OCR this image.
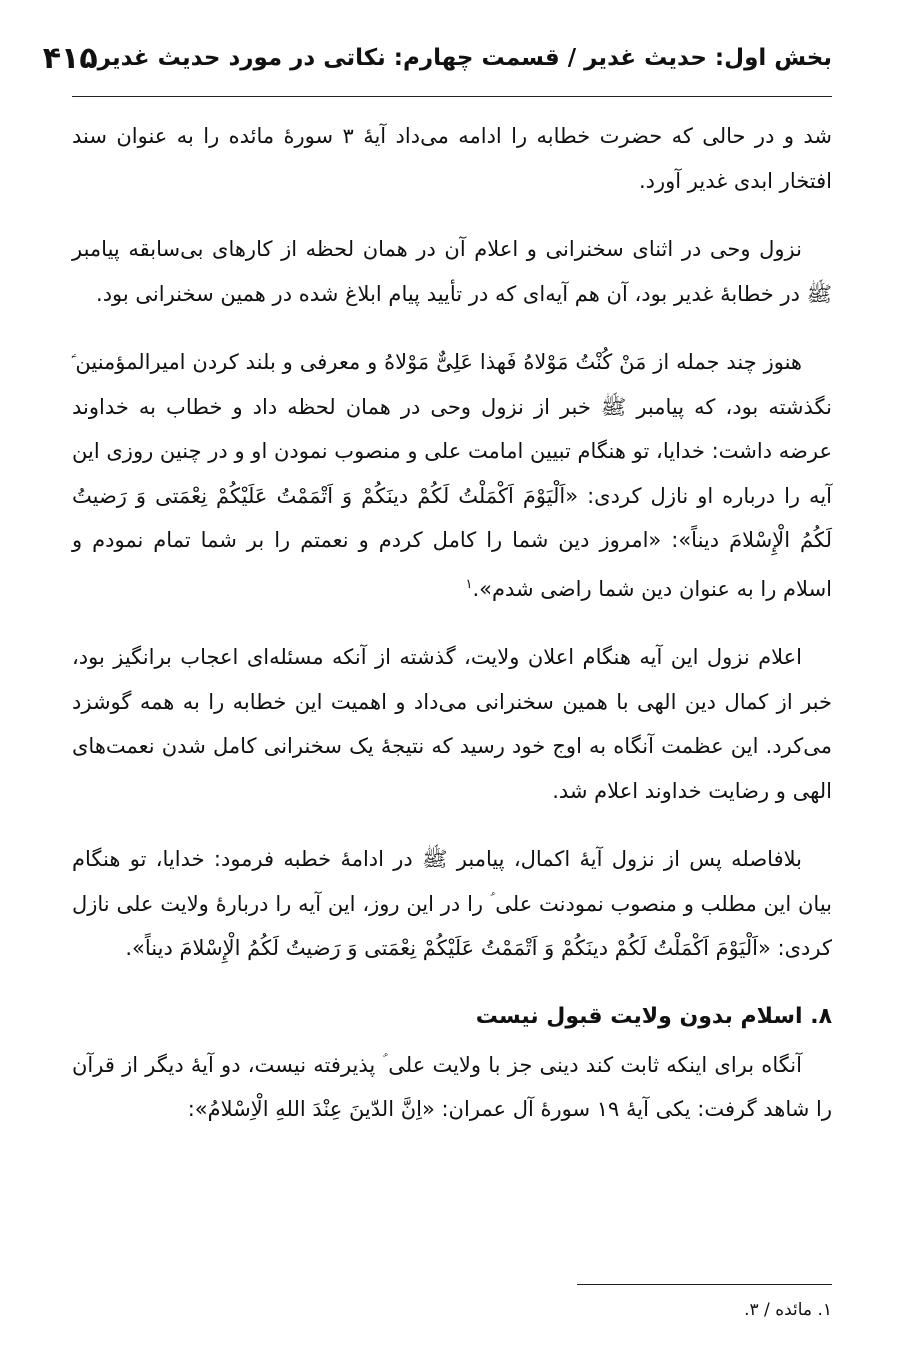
بخش اول: حدیث غدیر / قسمت چهارم: نکاتی در مورد حدیث غدیر
۴۱۵

شد و در حالی که حضرت خطابه را ادامه می‌داد آیۀ ۳ سورۀ مائده را به عنوان سند افتخار ابدی غدیر آورد.

نزول وحی در اثنای سخنرانی و اعلام آن در همان لحظه از کارهای بی‌سابقه پیامبر ﷺ در خطابۀ غدیر بود، آن هم آیه‌ای که در تأیید پیام ابلاغ شده در همین سخنرانی بود.

هنوز چند جمله از مَنْ کُنْتُ مَوْلاهُ فَهذا عَلِیٌّ مَوْلاهُ و معرفی و بلند کردن امیرالمؤمنین ؑ نگذشته بود، که پیامبر ﷺ خبر از نزول وحی در همان لحظه داد و خطاب به خداوند عرضه داشت: خدایا، تو هنگام تبیین امامت علی و منصوب نمودن او و در چنین روزی این آیه را درباره او نازل کردی: «اَلْیَوْمَ اَکْمَلْتُ لَکُمْ دینَکُمْ وَ اَتْمَمْتُ عَلَیْکُمْ نِعْمَتی وَ رَضیتُ لَکُمُ الْإِسْلامَ دیناً»: «امروز دین شما را کامل کردم و نعمتم را بر شما تمام نمودم و اسلام را به عنوان دین شما راضی شدم».$^۱$

اعلام نزول این آیه هنگام اعلان ولایت، گذشته از آنکه مسئله‌ای اعجاب برانگیز بود، خبر از کمال دین الهی با همین سخنرانی می‌داد و اهمیت این خطابه را به همه گوشزد می‌کرد. این عظمت آنگاه به اوج خود رسید که نتیجۀ یک سخنرانی کامل شدن نعمت‌های الهی و رضایت خداوند اعلام شد.

بلافاصله پس از نزول آیۀ اکمال، پیامبر ﷺ در ادامۀ خطبه فرمود: خدایا، تو هنگام بیان این مطلب و منصوب نمودنت علی ؑ را در این روز، این آیه را دربارۀ ولایت علی نازل کردی: «اَلْیَوْمَ اَکْمَلْتُ لَکُمْ دینَکُمْ وَ اَتْمَمْتُ عَلَیْکُمْ نِعْمَتی وَ رَضیتُ لَکُمُ الْإِسْلامَ دیناً».

۸. اسلام بدون ولایت قبول نیست

آنگاه برای اینکه ثابت کند دینی جز با ولایت علی ؑ پذیرفته نیست، دو آیۀ دیگر از قرآن را شاهد گرفت: یکی آیۀ ۱۹ سورۀ آل عمران: «اِنَّ الدّینَ عِنْدَ اللهِ الْاِسْلامُ»:

۱. مائده / ۳.
